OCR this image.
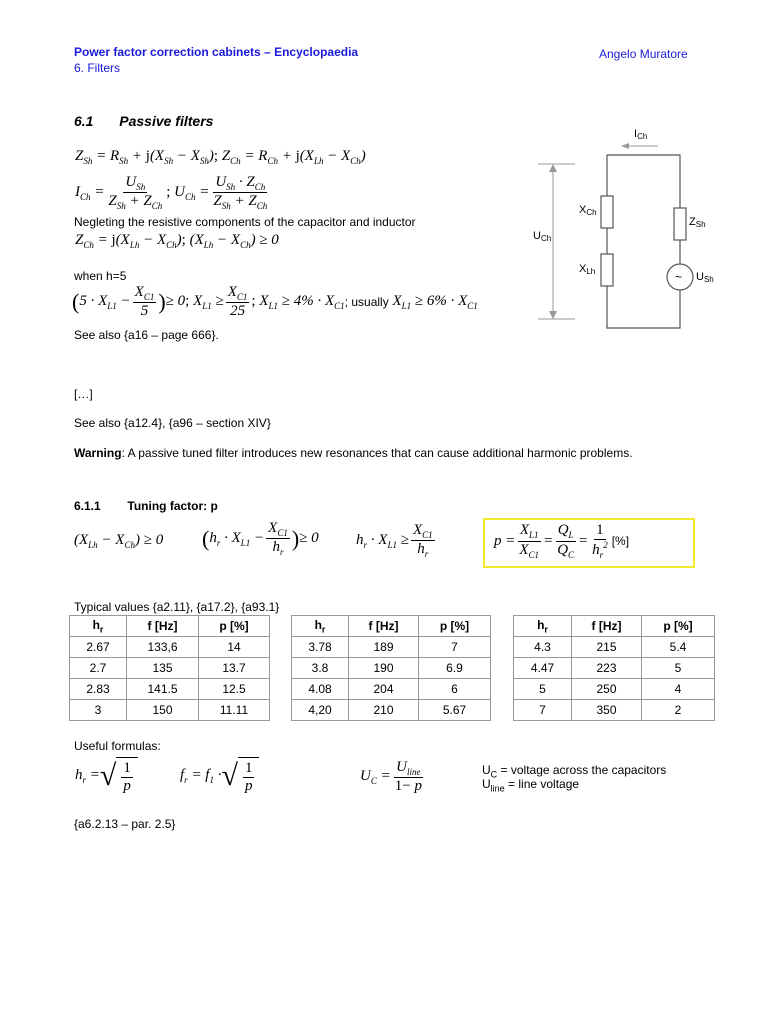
Power factor correction cabinets – Encyclopaedia
6. Filters
Angelo Muratore
6.1 Passive filters
$Z_{Sh} = R_{Sh} + j(X_{Sh} - X_{Sh})$; $Z_{Ch} = R_{Ch} + j(X_{Lh} - X_{Ch})$
$I_{Ch} = \frac{U_{Sh}}{Z_{Sh} + Z_{Ch}}$ ; $U_{Ch} = \frac{U_{Sh} \cdot Z_{Ch}}{Z_{Sh} + Z_{Ch}}$
Negleting the resistive components of the capacitor and inductor
$Z_{Ch} = j(X_{Lh} - X_{Ch})$; $(X_{Lh} - X_{Ch}) \ge 0$
when h=5
( $5 \cdot X_{L1} - \frac{X_{C1}}{5}$ ) ≥ 0; $X_{L1} \ge \frac{X_{C1}}{25}$ ; $X_{L1} \ge 4\% \cdot X_{C1}$ ; usually $X_{L1} \ge 6\% \cdot X_{C1}$
See also {a16 – page 666}.
[…]
See also {a12.4}, {a96 – section XIV}
Warning: A passive tuned filter introduces new resonances that can cause additional harmonic problems.
~
ICh
UCh
XCh
XLh
ZSh
USh
6.1.1 Tuning factor: p
$(X_{Lh} - X_{Ch}) \ge 0$ ( $h_r \cdot X_{L1} - \frac{X_{C1}}{h_r}$ ) ≥ 0 $h_r \cdot X_{L1} \ge \frac{X_{C1}}{h_r}$	$p = \frac{X_{L1}}{X_{C1}} = \frac{Q_L}{Q_C} = \frac{1}{h_r^2}$ [%]
Typical values {a2.11}, {a17.2}, {a93.1}
$h_r$	f [Hz]	p [%]
2.67	133,6	14
2.7	135	13.7
2.83	141.5	12.5
3	150	11.11
$h_r$	f [Hz]	p [%]
3.78	189	7
3.8	190	6.9
4.08	204	6
4,20	210	5.67
$h_r$	f [Hz]	p [%]
4.3	215	5.4
4.47	223	5
5	250	4
7	350	2
Useful formulas:
$h_r$ = √ $\frac{1}{p}$	$f_r = f_1$ · √ $\frac{1}{p}$	$U_C = \frac{U_{line}}{1- p}$	$U_C$ = voltage across the capacitors
$U_{line}$ = line voltage
{a6.2.13 – par. 2.5}
